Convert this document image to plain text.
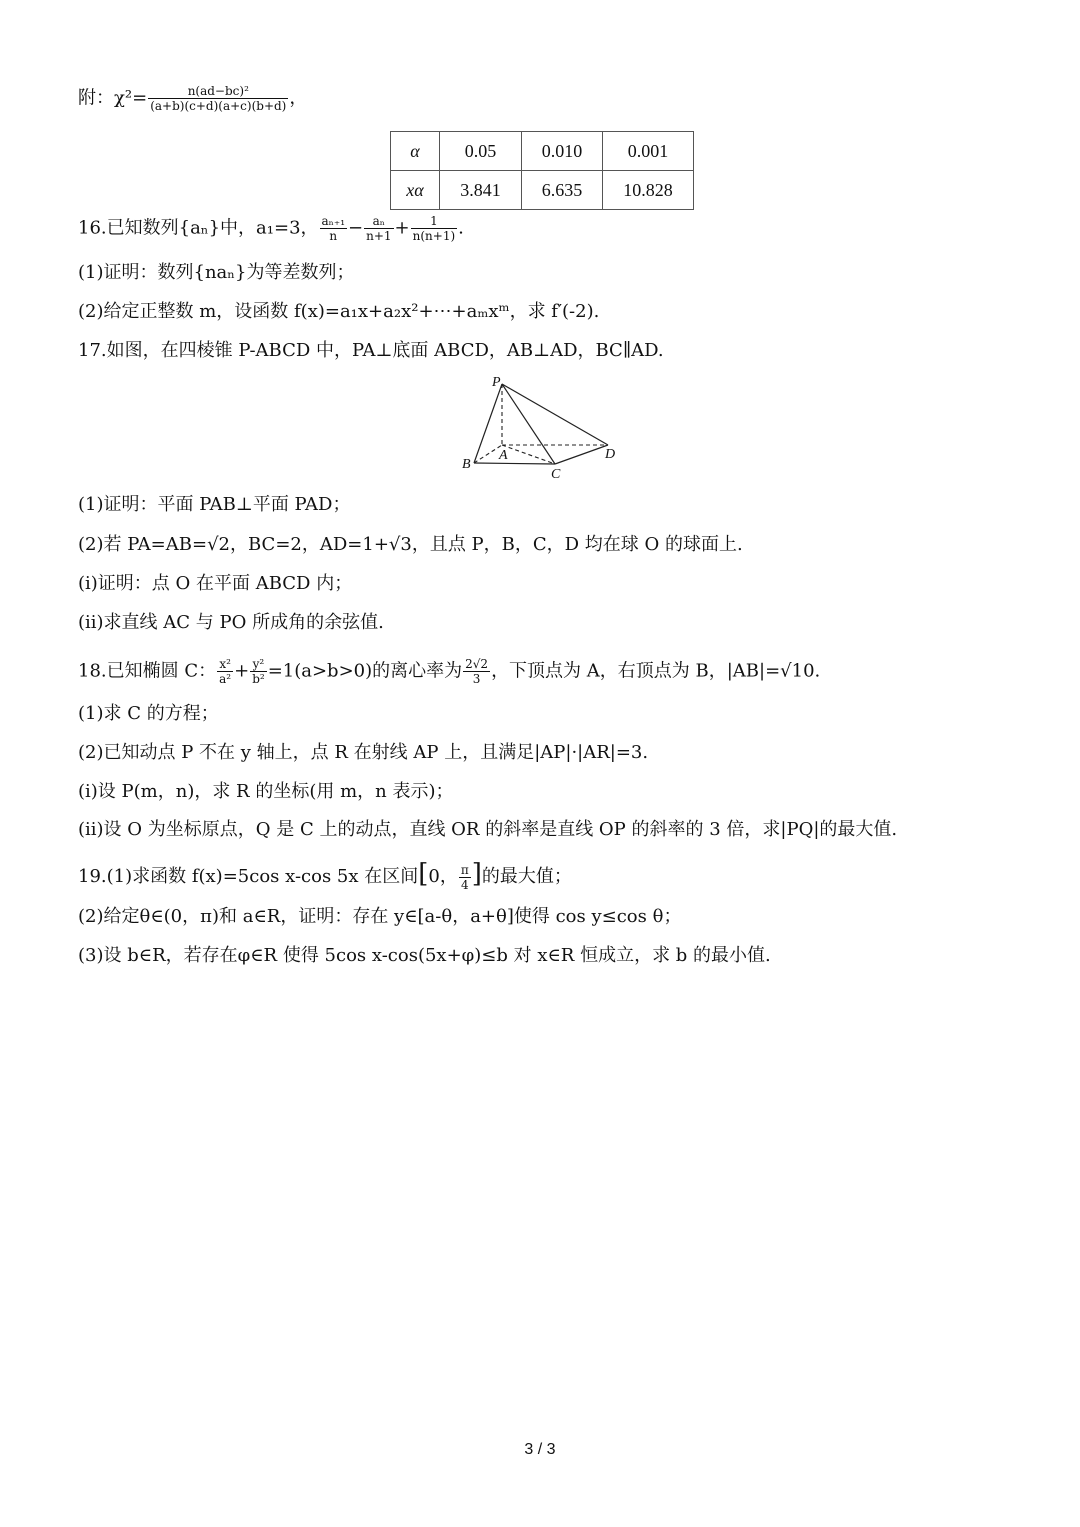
附：$\chi^2= \frac{\text{n(ad−bc)²}}{(a+b)(c+d)(a+c)(b+d)}$ ，
α	0.05	0.010	0.001
xα	3.841	6.635	10.828
16.已知数列{aₙ}中，a₁=3， $\frac{\text{aₙ₊₁}}{n} - \frac{\text{aₙ}}{n+1} + \frac{1}{n(n+1)}$ .
(1)证明：数列{naₙ}为等差数列；
(2)给定正整数 m，设函数 f(x)=a₁x+a₂x²+⋯+aₘxᵐ，求 f′(-2).
17.如图，在四棱锥 P-ABCD 中，PA⊥底面 ABCD，AB⊥AD，BC∥AD.
P
A
B
C
D
(1)证明：平面 PAB⊥平面 PAD；
(2)若 PA=AB=√2，BC=2，AD=1+√3，且点 P，B，C，D 均在球 O 的球面上.
(i)证明：点 O 在平面 ABCD 内；
(ii)求直线 AC 与 PO 所成角的余弦值.
18.已知椭圆 C： $\frac{\text{x²}}{\text{a²}} + \frac{\text{y²}}{\text{b²}} =1(a>b>0)$的离心率为 $\frac{2√2}{3}$ ，下顶点为 A，右顶点为 B，|AB|=√10.
(1)求 C 的方程；
(2)已知动点 P 不在 y 轴上，点 R 在射线 AP 上，且满足|AP|·|AR|=3.
(i)设 P(m，n)，求 R 的坐标(用 m，n 表示)；
(ii)设 O 为坐标原点，Q 是 C 上的动点，直线 OR 的斜率是直线 OP 的斜率的 3 倍，求|PQ|的最大值.
19.(1)求函数 f(x)=5cos x-cos 5x 在区间[0， $\frac{\pi}{4}$ ]的最大值；
(2)给定θ∈(0，π)和 a∈R，证明：存在 y∈[a-θ，a+θ]使得 cos y≤cos θ；
(3)设 b∈R，若存在φ∈R 使得 5cos x-cos(5x+φ)≤b 对 x∈R 恒成立，求 b 的最小值.
3 / 3
